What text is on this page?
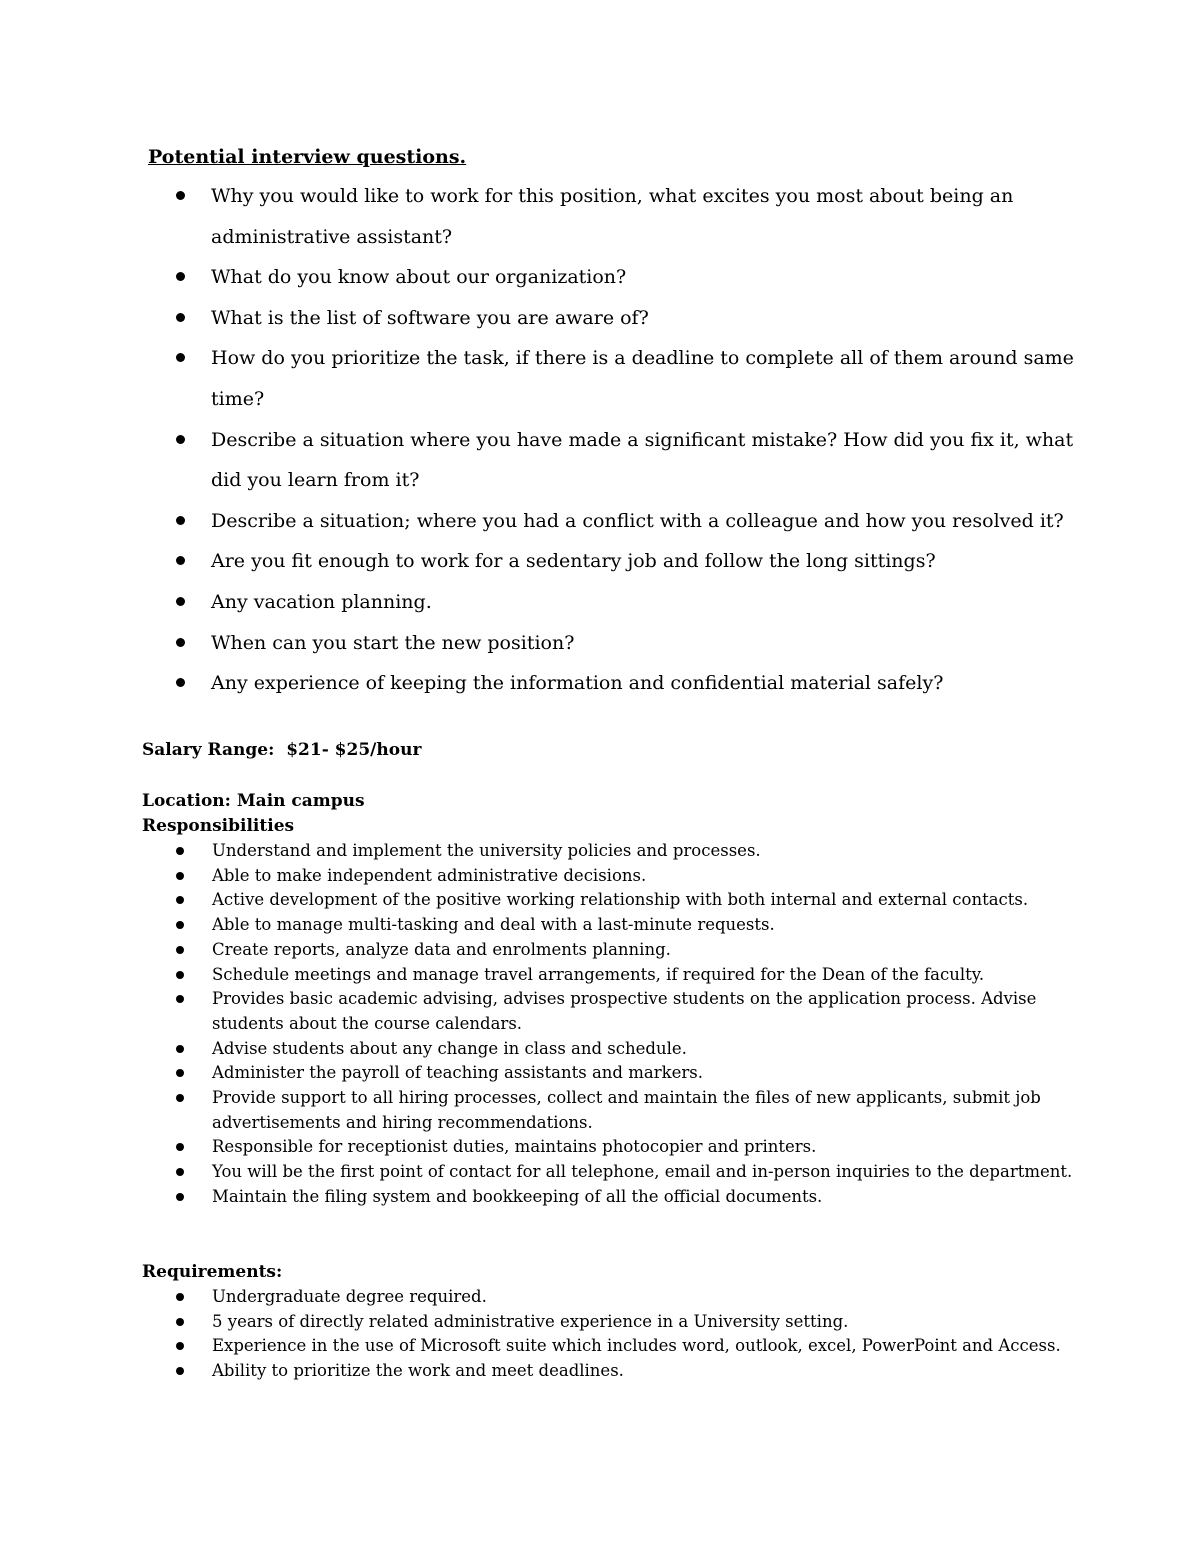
Potential interview questions.
Why you would like to work for this position, what excites you most about being an administrative assistant?
What do you know about our organization?
What is the list of software you are aware of?
How do you prioritize the task, if there is a deadline to complete all of them around same time?
Describe a situation where you have made a significant mistake? How did you fix it, what did you learn from it?
Describe a situation; where you had a conflict with a colleague and how you resolved it?
Are you fit enough to work for a sedentary job and follow the long sittings?
Any vacation planning.
When can you start the new position?
Any experience of keeping the information and confidential material safely?

Salary Range:  $21- $25/hour

Location: Main campus

Responsibilities
Understand and implement the university policies and processes.
Able to make independent administrative decisions.
Active development of the positive working relationship with both internal and external contacts.
Able to manage multi-tasking and deal with a last-minute requests.
Create reports, analyze data and enrolments planning.
Schedule meetings and manage travel arrangements, if required for the Dean of the faculty.
Provides basic academic advising, advises prospective students on the application process. Advise students about the course calendars.
Advise students about any change in class and schedule.
Administer the payroll of teaching assistants and markers.
Provide support to all hiring processes, collect and maintain the files of new applicants, submit job advertisements and hiring recommendations.
Responsible for receptionist duties, maintains photocopier and printers.
You will be the first point of contact for all telephone, email and in-person inquiries to the department.
Maintain the filing system and bookkeeping of all the official documents.
Requirements:
Undergraduate degree required.
5 years of directly related administrative experience in a University setting.
Experience in the use of Microsoft suite which includes word, outlook, excel, PowerPoint and Access.
Ability to prioritize the work and meet deadlines.
